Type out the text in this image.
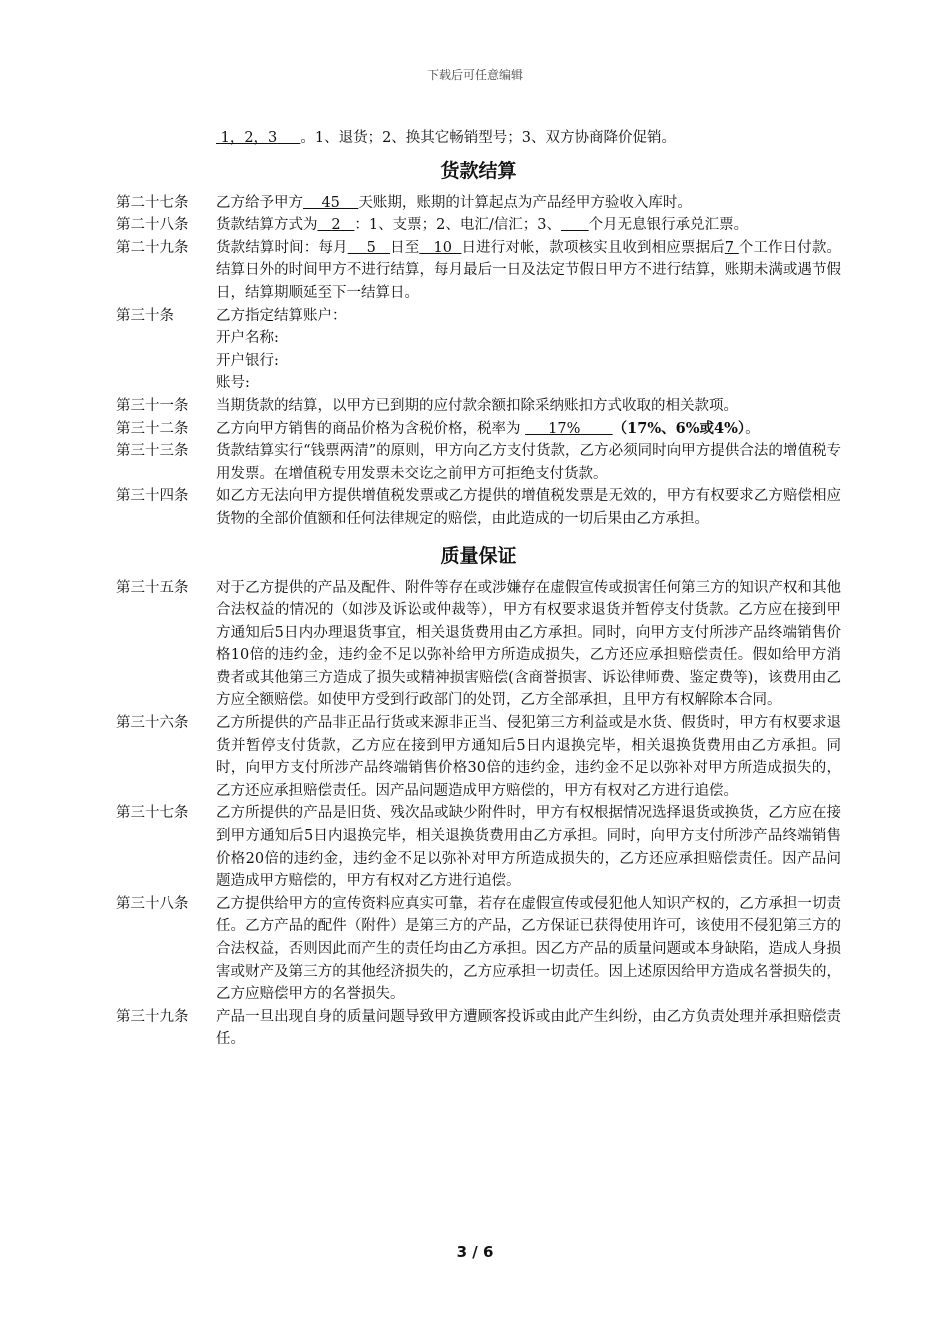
下载后可任意编辑
1，2，3 。1、退货；2、换其它畅销型号；3、双方协商降价促销。
货款结算
第二十七条	乙方给予甲方 45 天账期，账期的计算起点为产品经甲方验收入库时。
第二十八条	货款结算方式为 2 ：1、支票；2、电汇/信汇；3、 个月无息银行承兑汇票。
第二十九条	货款结算时间：每月 5 日至 10 日进行对帐，款项核实且收到相应票据后7 个工作日付款。结算日外的时间甲方不进行结算，每月最后一日及法定节假日甲方不进行结算，账期未满或遇节假日，结算期顺延至下一结算日。
第三十条	乙方指定结算账户：
开户名称:
开户银行:
账号:
第三十一条	当期货款的结算，以甲方已到期的应付款余额扣除采纳账扣方式收取的相关款项。
第三十二条	乙方向甲方销售的商品价格为含税价格，税率为 17% （17%、6%或4%）。
第三十三条	货款结算实行“钱票两清”的原则，甲方向乙方支付货款，乙方必须同时向甲方提供合法的增值税专用发票。在增值税专用发票未交讫之前甲方可拒绝支付货款。
第三十四条	如乙方无法向甲方提供增值税发票或乙方提供的增值税发票是无效的，甲方有权要求乙方赔偿相应货物的全部价值额和任何法律规定的赔偿，由此造成的一切后果由乙方承担。
质量保证
第三十五条	对于乙方提供的产品及配件、附件等存在或涉嫌存在虚假宣传或损害任何第三方的知识产权和其他合法权益的情况的（如涉及诉讼或仲裁等），甲方有权要求退货并暂停支付货款。乙方应在接到甲方通知后5日内办理退货事宜，相关退货费用由乙方承担。同时，向甲方支付所涉产品终端销售价格10倍的违约金，违约金不足以弥补给甲方所造成损失，乙方还应承担赔偿责任。假如给甲方消费者或其他第三方造成了损失或精神损害赔偿(含商誉损害、诉讼律师费、鉴定费等)，该费用由乙方应全额赔偿。如使甲方受到行政部门的处罚，乙方全部承担，且甲方有权解除本合同。
第三十六条	乙方所提供的产品非正品行货或来源非正当、侵犯第三方利益或是水货、假货时，甲方有权要求退货并暂停支付货款，乙方应在接到甲方通知后5日内退换完毕，相关退换货费用由乙方承担。同时，向甲方支付所涉产品终端销售价格30倍的违约金，违约金不足以弥补对甲方所造成损失的，乙方还应承担赔偿责任。因产品问题造成甲方赔偿的，甲方有权对乙方进行追偿。
第三十七条	乙方所提供的产品是旧货、残次品或缺少附件时，甲方有权根据情况选择退货或换货，乙方应在接到甲方通知后5日内退换完毕，相关退换货费用由乙方承担。同时，向甲方支付所涉产品终端销售价格20倍的违约金，违约金不足以弥补对甲方所造成损失的，乙方还应承担赔偿责任。因产品问题造成甲方赔偿的，甲方有权对乙方进行追偿。
第三十八条	乙方提供给甲方的宣传资料应真实可靠，若存在虚假宣传或侵犯他人知识产权的，乙方承担一切责任。乙方产品的配件（附件）是第三方的产品，乙方保证已获得使用许可，该使用不侵犯第三方的合法权益，否则因此而产生的责任均由乙方承担。因乙方产品的质量问题或本身缺陷，造成人身损害或财产及第三方的其他经济损失的，乙方应承担一切责任。因上述原因给甲方造成名誉损失的，乙方应赔偿甲方的名誉损失。
第三十九条	产品一旦出现自身的质量问题导致甲方遭顾客投诉或由此产生纠纷，由乙方负责处理并承担赔偿责任。
3 / 6
